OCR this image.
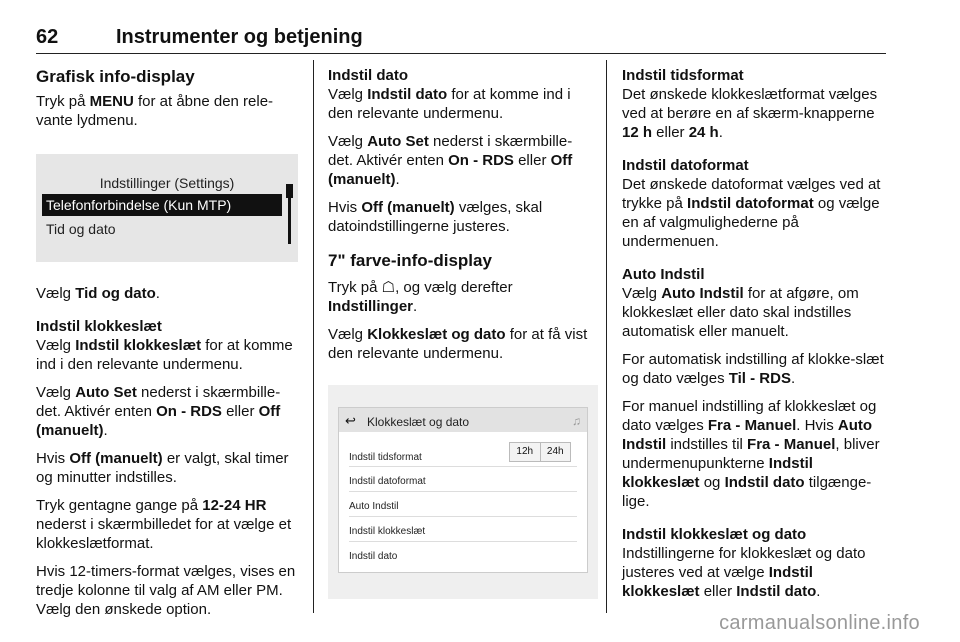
62	Instrumenter og betjening

Grafisk info-display

Tryk på MENU for at åbne den rele-vante lydmenu.

Indstillinger (Settings)
Telefonforbindelse (Kun MTP)
Tid og dato

Vælg Tid og dato.

Indstil klokkeslæt

Vælg Indstil klokkeslæt for at komme ind i den relevante undermenu.

Vælg Auto Set nederst i skærmbille-det. Aktivér enten On - RDS eller Off (manuelt).

Hvis Off (manuelt) er valgt, skal timer og minutter indstilles.

Tryk gentagne gange på 12-24 HR nederst i skærmbilledet for at vælge et klokkeslætformat.

Hvis 12-timers-format vælges, vises en tredje kolonne til valg af AM eller PM. Vælg den ønskede option.

Indstil dato

Vælg Indstil dato for at komme ind i den relevante undermenu.

Vælg Auto Set nederst i skærmbille-det. Aktivér enten On - RDS eller Off (manuelt).

Hvis Off (manuelt) vælges, skal datoindstillingerne justeres.

7" farve-info-display

Tryk på ☖, og vælg derefter Indstillinger.

Vælg Klokkeslæt og dato for at få vist den relevante undermenu.

↩ Klokkeslæt og dato	♫
Indstil tidsformat
12h	24h
Indstil datoformat
Auto Indstil
Indstil klokkeslæt
Indstil dato

Indstil tidsformat

Det ønskede klokkeslætformat vælges ved at berøre en af skærm-knapperne 12 h eller 24 h.

Indstil datoformat

Det ønskede datoformat vælges ved at trykke på Indstil datoformat og vælge en af valgmulighederne på undermenuen.

Auto Indstil

Vælg Auto Indstil for at afgøre, om klokkeslæt eller dato skal indstilles automatisk eller manuelt.

For automatisk indstilling af klokke-slæt og dato vælges Til - RDS.

For manuel indstilling af klokkeslæt og dato vælges Fra - Manuel. Hvis Auto Indstil indstilles til Fra - Manuel, bliver undermenupunkterne Indstil klokkeslæt og Indstil dato tilgænge-lige.

Indstil klokkeslæt og dato

Indstillingerne for klokkeslæt og dato justeres ved at vælge Indstil klokkeslæt eller Indstil dato.

carmanualsonline.info
